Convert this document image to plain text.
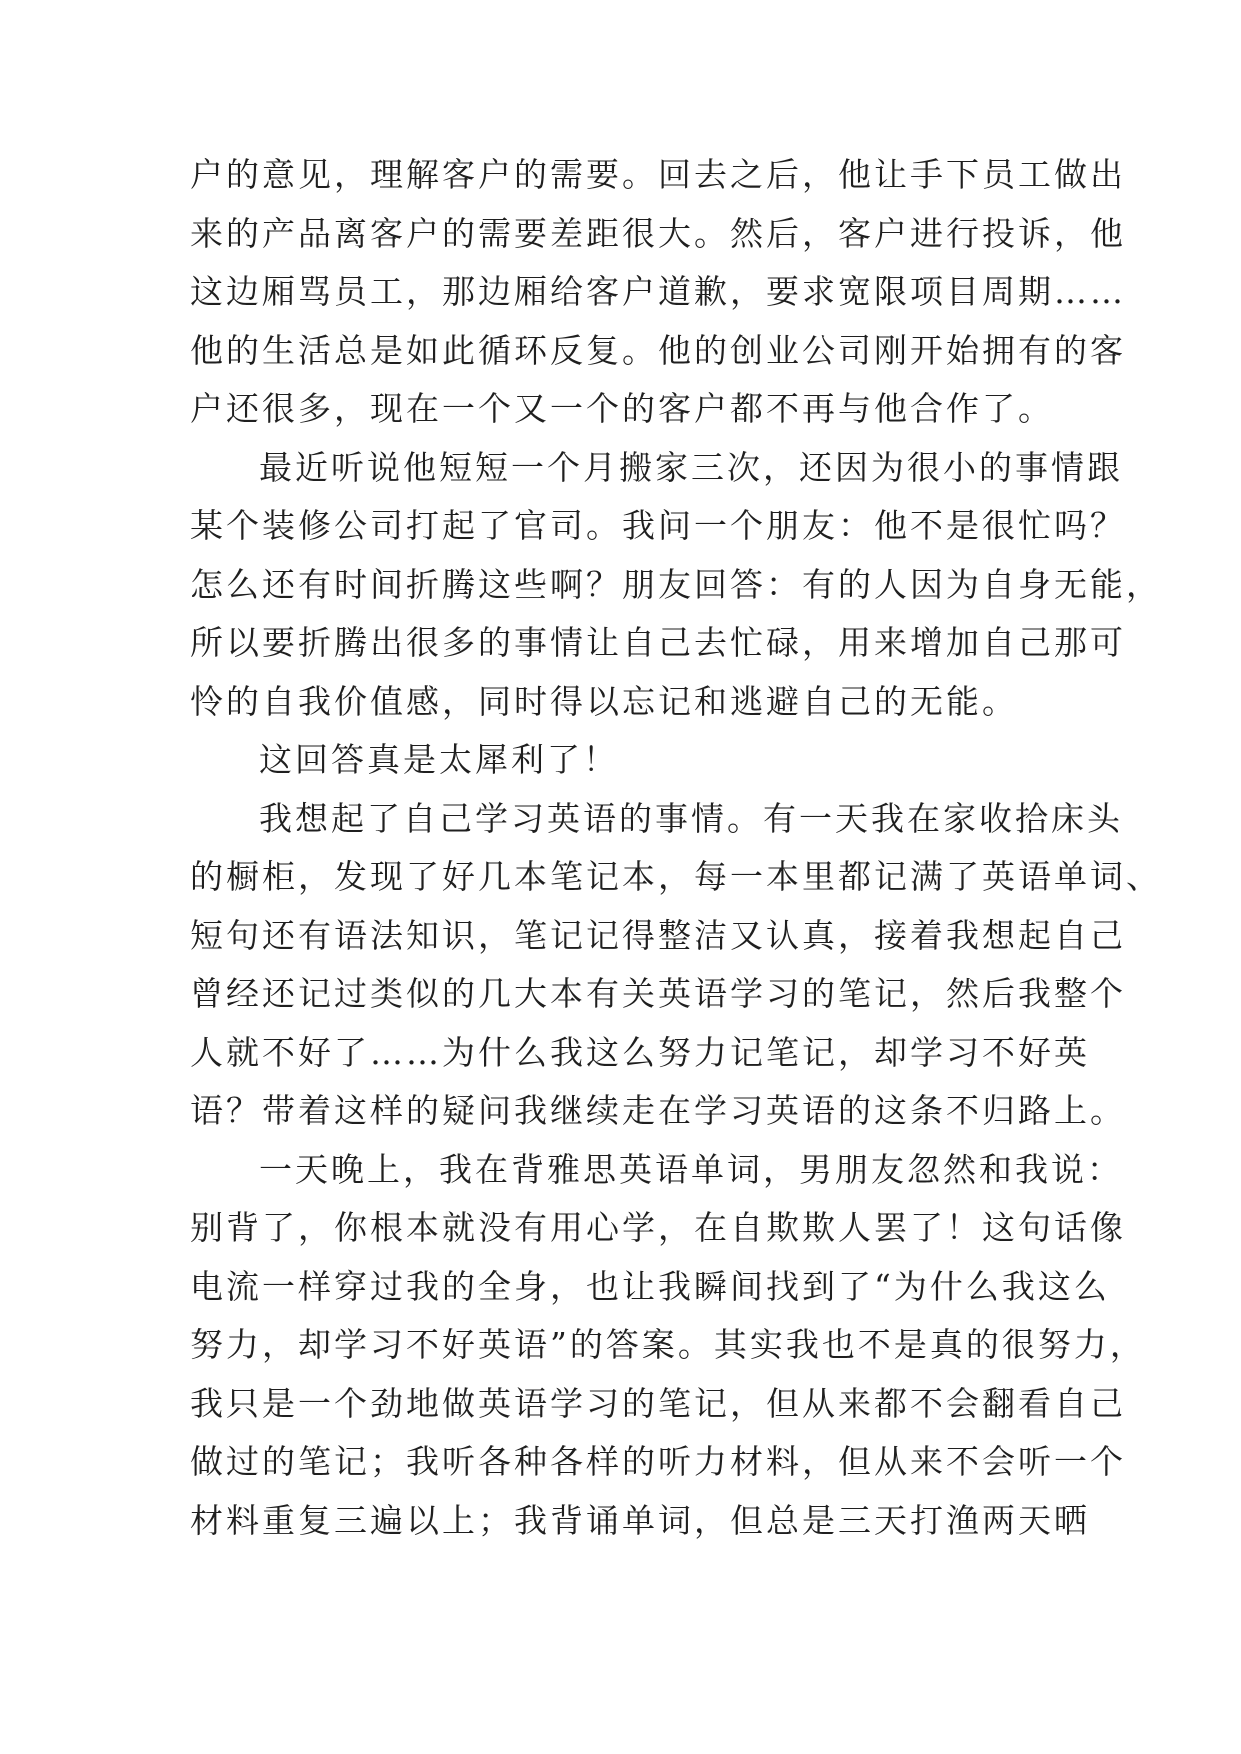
户的意见，理解客户的需要。回去之后，他让手下员工做出

来的产品离客户的需要差距很大。然后，客户进行投诉，他

这边厢骂员工，那边厢给客户道歉，要求宽限项目周期……

他的生活总是如此循环反复。他的创业公司刚开始拥有的客

户还很多，现在一个又一个的客户都不再与他合作了。

最近听说他短短一个月搬家三次，还因为很小的事情跟

某个装修公司打起了官司。我问一个朋友：他不是很忙吗？

怎么还有时间折腾这些啊？朋友回答：有的人因为自身无能，

所以要折腾出很多的事情让自己去忙碌，用来增加自己那可

怜的自我价值感，同时得以忘记和逃避自己的无能。

这回答真是太犀利了！

我想起了自己学习英语的事情。有一天我在家收拾床头

的橱柜，发现了好几本笔记本，每一本里都记满了英语单词、

短句还有语法知识，笔记记得整洁又认真，接着我想起自己

曾经还记过类似的几大本有关英语学习的笔记，然后我整个

人就不好了……为什么我这么努力记笔记，却学习不好英

语？带着这样的疑问我继续走在学习英语的这条不归路上。

一天晚上，我在背雅思英语单词，男朋友忽然和我说：

别背了，你根本就没有用心学，在自欺欺人罢了！这句话像

电流一样穿过我的全身，也让我瞬间找到了“为什么我这么

努力，却学习不好英语”的答案。其实我也不是真的很努力，

我只是一个劲地做英语学习的笔记，但从来都不会翻看自己

做过的笔记；我听各种各样的听力材料，但从来不会听一个

材料重复三遍以上；我背诵单词，但总是三天打渔两天晒
